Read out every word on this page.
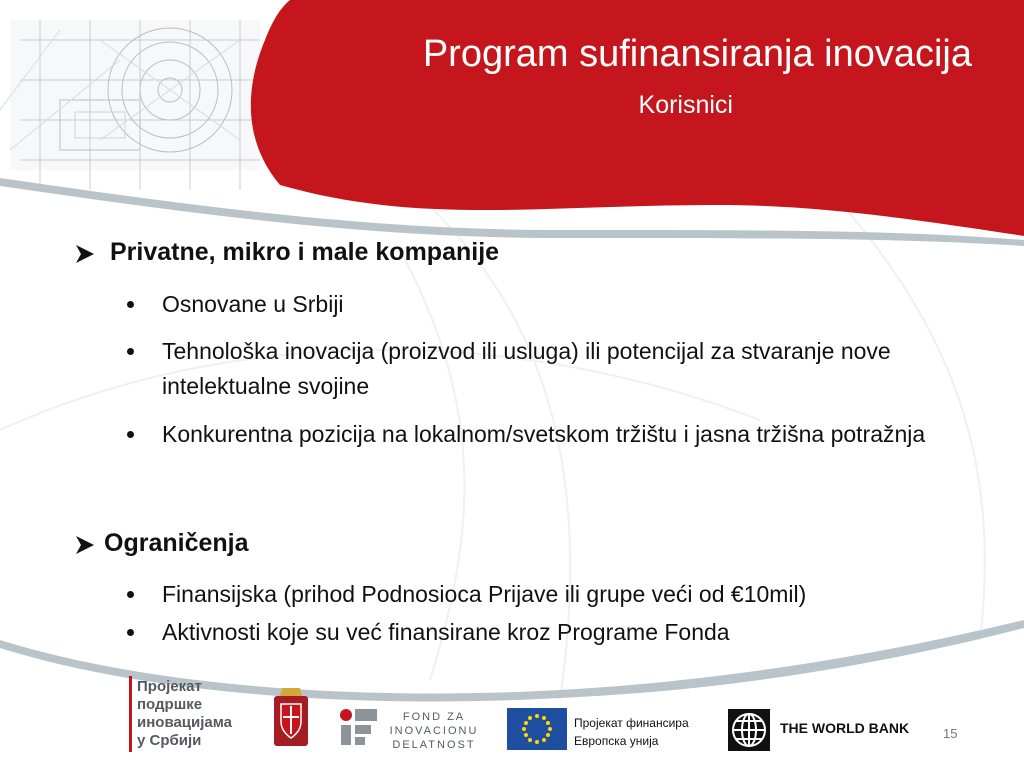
Program sufinansiranja inovacija
Korisnici
Privatne, mikro i male kompanije
Osnovane u Srbiji
Tehnološka inovacija (proizvod ili usluga) ili potencijal za stvaranje nove intelektualne svojine
Konkurentna pozicija na lokalnom/svetskom tržištu i jasna tržišna potražnja
Ograničenja
Finansijska (prihod Podnosioca Prijave ili grupe veći od €10mil)
Aktivnosti koje su već finansirane kroz Programe Fonda
Пројекат
подршке
иновацијама
у Србији
FOND ZA
INOVACIONU
DELATNOST
Пројекат финансира
Европска унија
THE WORLD BANK	15
